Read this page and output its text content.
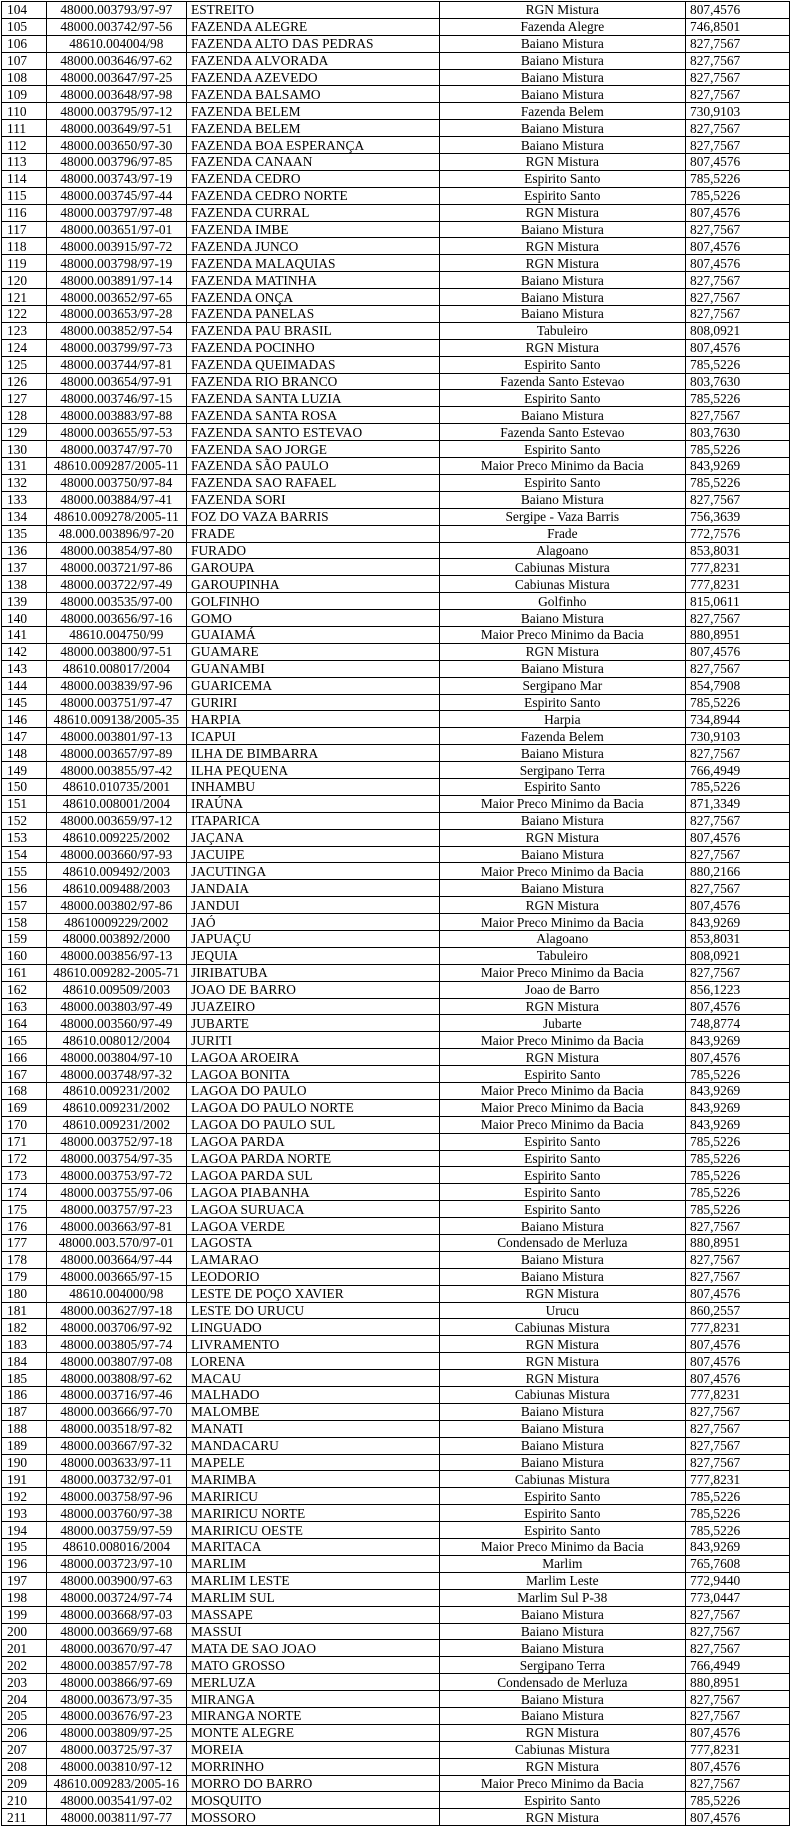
104	48000.003793/97-97	ESTREITO	RGN Mistura	807,4576
105	48000.003742/97-56	FAZENDA ALEGRE	Fazenda Alegre	746,8501
106	48610.004004/98	FAZENDA ALTO DAS PEDRAS	Baiano Mistura	827,7567
107	48000.003646/97-62	FAZENDA ALVORADA	Baiano Mistura	827,7567
108	48000.003647/97-25	FAZENDA AZEVEDO	Baiano Mistura	827,7567
109	48000.003648/97-98	FAZENDA BALSAMO	Baiano Mistura	827,7567
110	48000.003795/97-12	FAZENDA BELEM	Fazenda Belem	730,9103
111	48000.003649/97-51	FAZENDA BELEM	Baiano Mistura	827,7567
112	48000.003650/97-30	FAZENDA BOA ESPERANÇA	Baiano Mistura	827,7567
113	48000.003796/97-85	FAZENDA CANAAN	RGN Mistura	807,4576
114	48000.003743/97-19	FAZENDA CEDRO	Espirito Santo	785,5226
115	48000.003745/97-44	FAZENDA CEDRO NORTE	Espirito Santo	785,5226
116	48000.003797/97-48	FAZENDA CURRAL	RGN Mistura	807,4576
117	48000.003651/97-01	FAZENDA IMBE	Baiano Mistura	827,7567
118	48000.003915/97-72	FAZENDA JUNCO	RGN Mistura	807,4576
119	48000.003798/97-19	FAZENDA MALAQUIAS	RGN Mistura	807,4576
120	48000.003891/97-14	FAZENDA MATINHA	Baiano Mistura	827,7567
121	48000.003652/97-65	FAZENDA ONÇA	Baiano Mistura	827,7567
122	48000.003653/97-28	FAZENDA PANELAS	Baiano Mistura	827,7567
123	48000.003852/97-54	FAZENDA PAU BRASIL	Tabuleiro	808,0921
124	48000.003799/97-73	FAZENDA POCINHO	RGN Mistura	807,4576
125	48000.003744/97-81	FAZENDA QUEIMADAS	Espirito Santo	785,5226
126	48000.003654/97-91	FAZENDA RIO BRANCO	Fazenda Santo Estevao	803,7630
127	48000.003746/97-15	FAZENDA SANTA LUZIA	Espirito Santo	785,5226
128	48000.003883/97-88	FAZENDA SANTA ROSA	Baiano Mistura	827,7567
129	48000.003655/97-53	FAZENDA SANTO ESTEVAO	Fazenda Santo Estevao	803,7630
130	48000.003747/97-70	FAZENDA SAO JORGE	Espirito Santo	785,5226
131	48610.009287/2005-11	FAZENDA SÃO PAULO	Maior Preco Minimo da Bacia	843,9269
132	48000.003750/97-84	FAZENDA SAO RAFAEL	Espirito Santo	785,5226
133	48000.003884/97-41	FAZENDA SORI	Baiano Mistura	827,7567
134	48610.009278/2005-11	FOZ DO VAZA BARRIS	Sergipe - Vaza Barris	756,3639
135	48.000.003896/97-20	FRADE	Frade	772,7576
136	48000.003854/97-80	FURADO	Alagoano	853,8031
137	48000.003721/97-86	GAROUPA	Cabiunas Mistura	777,8231
138	48000.003722/97-49	GAROUPINHA	Cabiunas Mistura	777,8231
139	48000.003535/97-00	GOLFINHO	Golfinho	815,0611
140	48000.003656/97-16	GOMO	Baiano Mistura	827,7567
141	48610.004750/99	GUAIAMÁ	Maior Preco Minimo da Bacia	880,8951
142	48000.003800/97-51	GUAMARE	RGN Mistura	807,4576
143	48610.008017/2004	GUANAMBI	Baiano Mistura	827,7567
144	48000.003839/97-96	GUARICEMA	Sergipano Mar	854,7908
145	48000.003751/97-47	GURIRI	Espirito Santo	785,5226
146	48610.009138/2005-35	HARPIA	Harpia	734,8944
147	48000.003801/97-13	ICAPUI	Fazenda Belem	730,9103
148	48000.003657/97-89	ILHA DE BIMBARRA	Baiano Mistura	827,7567
149	48000.003855/97-42	ILHA PEQUENA	Sergipano Terra	766,4949
150	48610.010735/2001	INHAMBU	Espirito Santo	785,5226
151	48610.008001/2004	IRAÚNA	Maior Preco Minimo da Bacia	871,3349
152	48000.003659/97-12	ITAPARICA	Baiano Mistura	827,7567
153	48610.009225/2002	JAÇANA	RGN Mistura	807,4576
154	48000.003660/97-93	JACUIPE	Baiano Mistura	827,7567
155	48610.009492/2003	JACUTINGA	Maior Preco Minimo da Bacia	880,2166
156	48610.009488/2003	JANDAIA	Baiano Mistura	827,7567
157	48000.003802/97-86	JANDUI	RGN Mistura	807,4576
158	48610009229/2002	JAÓ	Maior Preco Minimo da Bacia	843,9269
159	48000.003892/2000	JAPUAÇU	Alagoano	853,8031
160	48000.003856/97-13	JEQUIA	Tabuleiro	808,0921
161	48610.009282-2005-71	JIRIBATUBA	Maior Preco Minimo da Bacia	827,7567
162	48610.009509/2003	JOAO DE BARRO	Joao de Barro	856,1223
163	48000.003803/97-49	JUAZEIRO	RGN Mistura	807,4576
164	48000.003560/97-49	JUBARTE	Jubarte	748,8774
165	48610.008012/2004	JURITI	Maior Preco Minimo da Bacia	843,9269
166	48000.003804/97-10	LAGOA AROEIRA	RGN Mistura	807,4576
167	48000.003748/97-32	LAGOA BONITA	Espirito Santo	785,5226
168	48610.009231/2002	LAGOA DO PAULO	Maior Preco Minimo da Bacia	843,9269
169	48610.009231/2002	LAGOA DO PAULO NORTE	Maior Preco Minimo da Bacia	843,9269
170	48610.009231/2002	LAGOA DO PAULO SUL	Maior Preco Minimo da Bacia	843,9269
171	48000.003752/97-18	LAGOA PARDA	Espirito Santo	785,5226
172	48000.003754/97-35	LAGOA PARDA NORTE	Espirito Santo	785,5226
173	48000.003753/97-72	LAGOA PARDA SUL	Espirito Santo	785,5226
174	48000.003755/97-06	LAGOA PIABANHA	Espirito Santo	785,5226
175	48000.003757/97-23	LAGOA SURUACA	Espirito Santo	785,5226
176	48000.003663/97-81	LAGOA VERDE	Baiano Mistura	827,7567
177	48000.003.570/97-01	LAGOSTA	Condensado de Merluza	880,8951
178	48000.003664/97-44	LAMARAO	Baiano Mistura	827,7567
179	48000.003665/97-15	LEODORIO	Baiano Mistura	827,7567
180	48610.004000/98	LESTE DE POÇO XAVIER	RGN Mistura	807,4576
181	48000.003627/97-18	LESTE DO URUCU	Urucu	860,2557
182	48000.003706/97-92	LINGUADO	Cabiunas Mistura	777,8231
183	48000.003805/97-74	LIVRAMENTO	RGN Mistura	807,4576
184	48000.003807/97-08	LORENA	RGN Mistura	807,4576
185	48000.003808/97-62	MACAU	RGN Mistura	807,4576
186	48000.003716/97-46	MALHADO	Cabiunas Mistura	777,8231
187	48000.003666/97-70	MALOMBE	Baiano Mistura	827,7567
188	48000.003518/97-82	MANATI	Baiano Mistura	827,7567
189	48000.003667/97-32	MANDACARU	Baiano Mistura	827,7567
190	48000.003633/97-11	MAPELE	Baiano Mistura	827,7567
191	48000.003732/97-01	MARIMBA	Cabiunas Mistura	777,8231
192	48000.003758/97-96	MARIRICU	Espirito Santo	785,5226
193	48000.003760/97-38	MARIRICU NORTE	Espirito Santo	785,5226
194	48000.003759/97-59	MARIRICU OESTE	Espirito Santo	785,5226
195	48610.008016/2004	MARITACA	Maior Preco Minimo da Bacia	843,9269
196	48000.003723/97-10	MARLIM	Marlim	765,7608
197	48000.003900/97-63	MARLIM LESTE	Marlim Leste	772,9440
198	48000.003724/97-74	MARLIM SUL	Marlim Sul P-38	773,0447
199	48000.003668/97-03	MASSAPE	Baiano Mistura	827,7567
200	48000.003669/97-68	MASSUI	Baiano Mistura	827,7567
201	48000.003670/97-47	MATA DE SAO JOAO	Baiano Mistura	827,7567
202	48000.003857/97-78	MATO GROSSO	Sergipano Terra	766,4949
203	48000.003866/97-69	MERLUZA	Condensado de Merluza	880,8951
204	48000.003673/97-35	MIRANGA	Baiano Mistura	827,7567
205	48000.003676/97-23	MIRANGA NORTE	Baiano Mistura	827,7567
206	48000.003809/97-25	MONTE ALEGRE	RGN Mistura	807,4576
207	48000.003725/97-37	MOREIA	Cabiunas Mistura	777,8231
208	48000.003810/97-12	MORRINHO	RGN Mistura	807,4576
209	48610.009283/2005-16	MORRO DO BARRO	Maior Preco Minimo da Bacia	827,7567
210	48000.003541/97-02	MOSQUITO	Espirito Santo	785,5226
211	48000.003811/97-77	MOSSORO	RGN Mistura	807,4576
